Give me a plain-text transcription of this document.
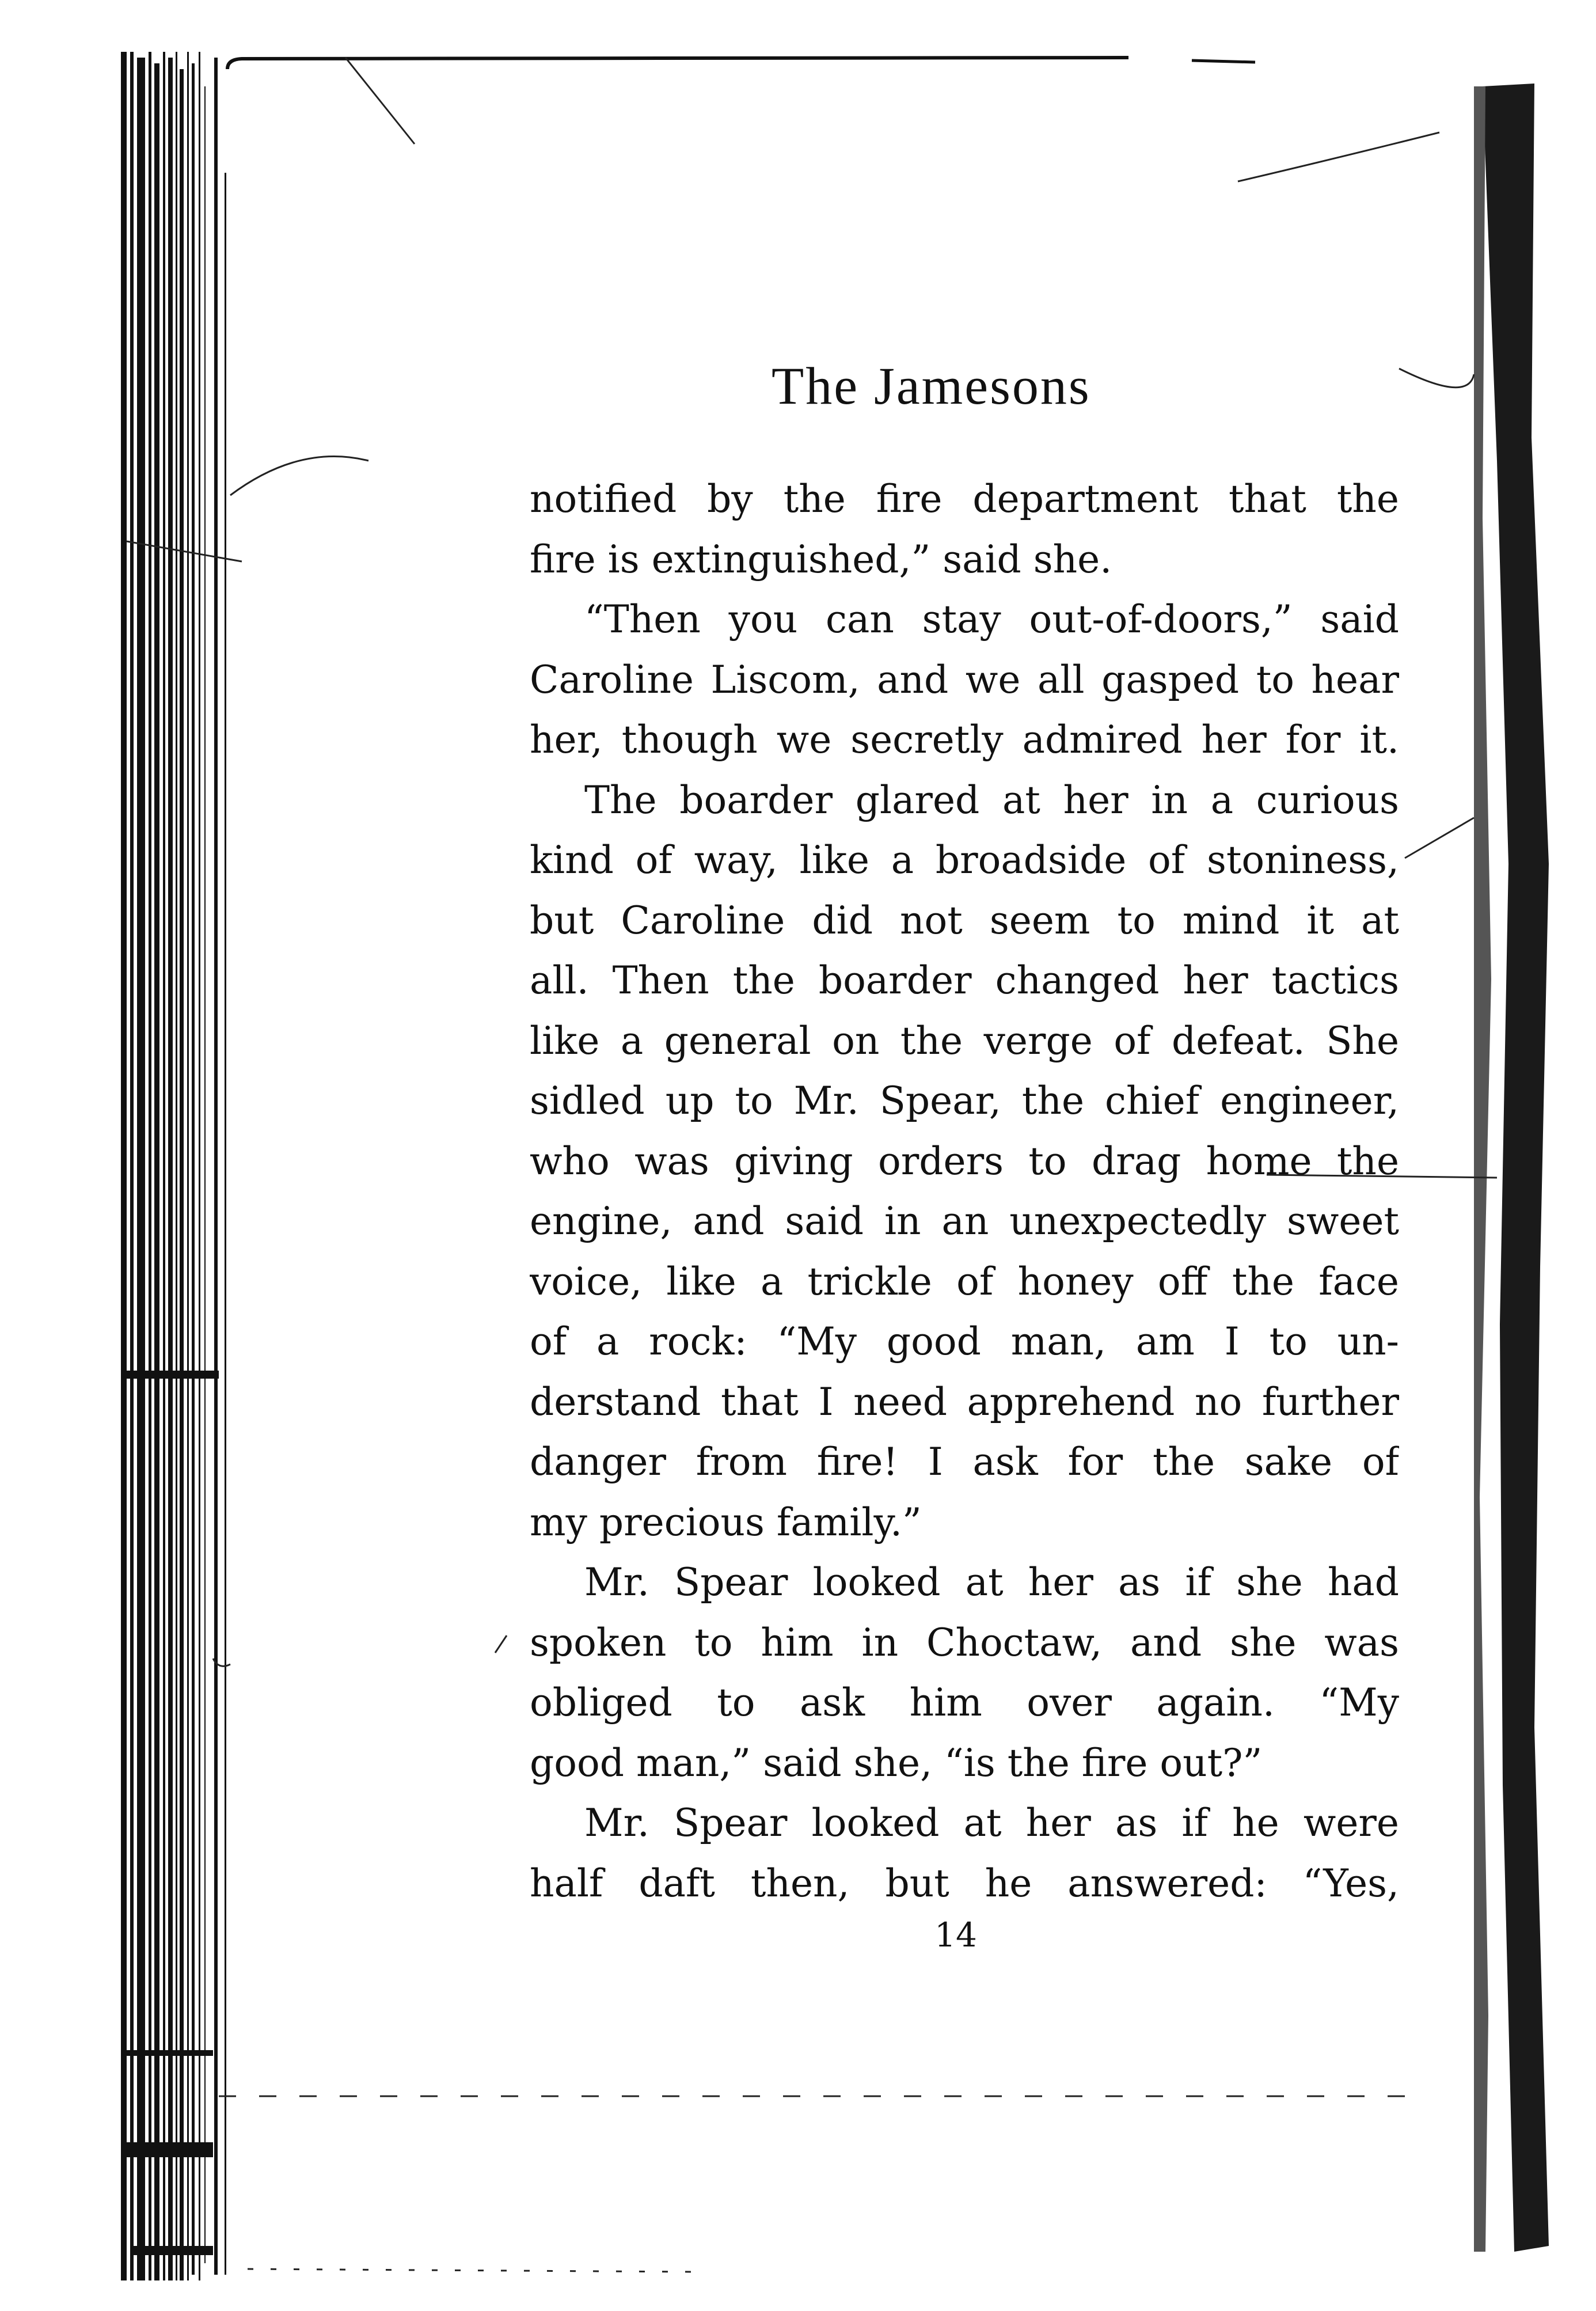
The Jamesons
notified by the fire department that the
fire is extinguished,” said she.
“Then you can stay out-of-doors,” said
Caroline Liscom, and we all gasped to hear
her, though we secretly admired her for it.
The boarder glared at her in a curious
kind of way, like a broadside of stoniness,
but Caroline did not seem to mind it at
all. Then the boarder changed her tactics
like a general on the verge of defeat. She
sidled up to Mr. Spear, the chief engineer,
who was giving orders to drag home the
engine, and said in an unexpectedly sweet
voice, like a trickle of honey off the face
of a rock: “My good man, am I to un-
derstand that I need apprehend no further
danger from fire! I ask for the sake of
my precious family.”
Mr. Spear looked at her as if she had
spoken to him in Choctaw, and she was
obliged to ask him over again. “My
good man,” said she, “is the fire out?”
Mr. Spear looked at her as if he were
half daft then, but he answered: “Yes,
14
